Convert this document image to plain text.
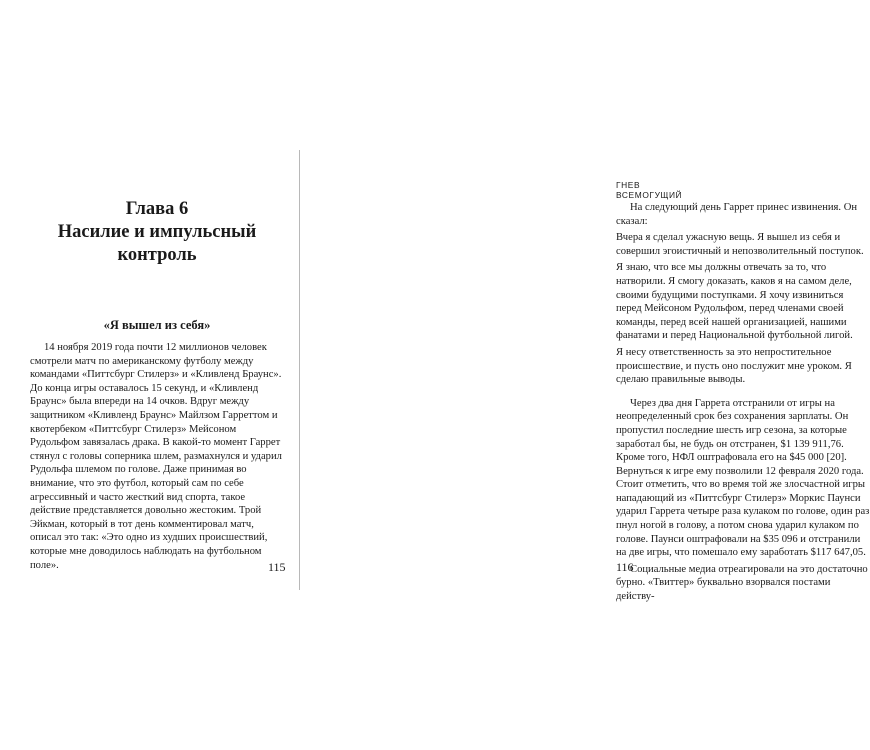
Глава 6
Насилие и импульсный
контроль
«Я вышел из себя»

14 ноября 2019 года почти 12 миллионов человек смотрели матч по американскому футболу между командами «Питтсбург Стилерз» и «Кливленд Браунс». До конца игры оставалось 15 секунд, и «Кливленд Браунс» была впереди на 14 очков. Вдруг между защитником «Кливленд Браунс» Майлзом Гарреттом и квотербеком «Питтсбург Стилерз» Мейсоном Рудольфом завязалась драка. В какой-то момент Гаррет стянул с головы соперника шлем, размахнулся и ударил Рудольфа шлемом по голове. Даже принимая во внимание, что это футбол, который сам по себе агрессивный и часто жесткий вид спорта, такое действие представляется довольно жестоким. Трой Эйкман, который в тот день комментировал матч, описал это так: «Это одно из худших происшествий, которые мне доводилось наблюдать на футбольном поле».	115
ГНЕВ ВСЕМОГУЩИЙ

На следующий день Гаррет принес извинения. Он сказал:

Вчера я сделал ужасную вещь. Я вышел из себя и совершил эгоистичный и непозволительный поступок.

Я знаю, что все мы должны отвечать за то, что натворили. Я смогу доказать, каков я на самом деле, своими будущими поступками. Я хочу извиниться перед Мейсоном Рудольфом, перед членами своей команды, перед всей нашей организацией, нашими фанатами и перед Национальной футбольной лигой.

Я несу ответственность за это непростительное происшествие, и пусть оно послужит мне уроком. Я сделаю правильные выводы.

Через два дня Гаррета отстранили от игры на неопределенный срок без сохранения зарплаты. Он пропустил последние шесть игр сезона, за которые заработал бы, не будь он отстранен, $1 139 911,76. Кроме того, НФЛ оштрафовала его на $45 000 [20]. Вернуться к игре ему позволили 12 февраля 2020 года. Стоит отметить, что во время той же злосчастной игры нападающий из «Питтсбург Стилерз» Моркис Паунси ударил Гаррета четыре раза кулаком по голове, один раз пнул ногой в голову, а потом снова ударил кулаком по голове. Паунси оштрафовали на $35 096 и отстранили на две игры, что помешало ему заработать $117 647,05.

Социальные медиа отреагировали на это достаточно бурно. «Твиттер» буквально взорвался постами действу-

116
